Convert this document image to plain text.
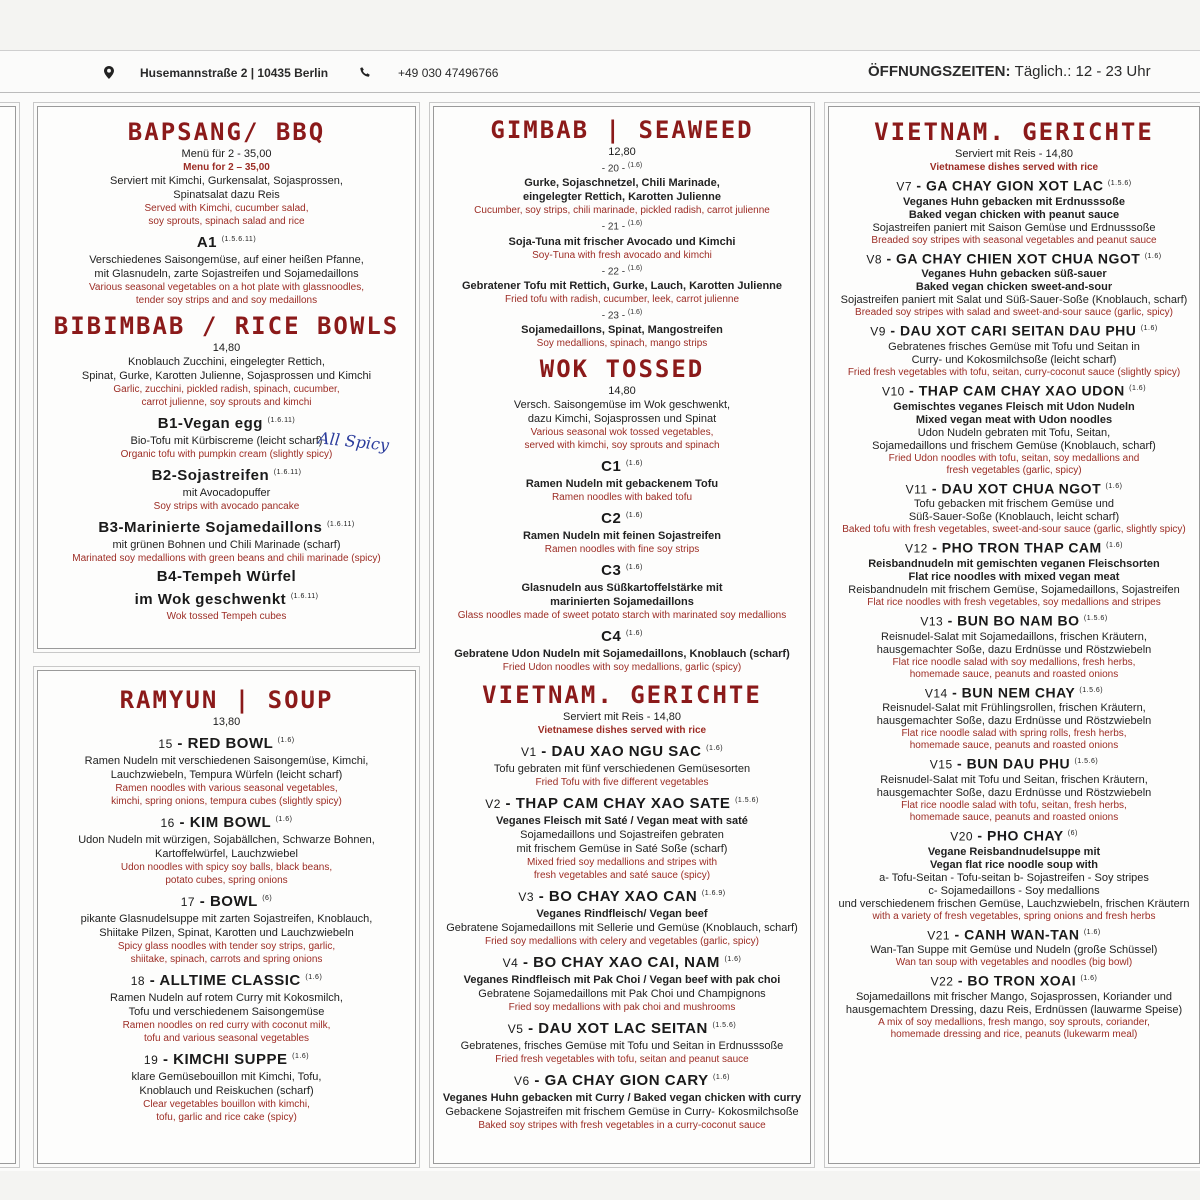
Husemannstraße 2 | 10435 Berlin	+49 030 47496766	ÖFFNUNGSZEITEN: Täglich.: 12 - 23 Uhr
BAPSANG/ BBQ
Menü für 2 - 35,00
Menu for 2 – 35,00
Serviert mit Kimchi, Gurkensalat, Sojasprossen,
Spinatsalat dazu Reis
Served with Kimchi, cucumber salad,
soy sprouts, spinach salad and rice
A1 $^{(1.5.6.11)}$
Verschiedenes Saisongemüse, auf einer heißen Pfanne,
mit Glasnudeln, zarte Sojastreifen und Sojamedaillons
Various seasonal vegetables on a hot plate with glassnoodles,
tender soy strips and and soy medaillons
BIBIMBAB / RICE BOWLS
14,80
Knoblauch Zucchini, eingelegter Rettich,
Spinat, Gurke, Karotten Julienne, Sojasprossen und Kimchi
Garlic, zucchini, pickled radish, spinach, cucumber,
carrot julienne, soy sprouts and kimchi
B1-Vegan egg $^{(1.6.11)}$
Bio-Tofu mit Kürbiscreme (leicht scharf)
Organic tofu with pumpkin cream (slightly spicy)
B2-Sojastreifen $^{(1.6.11)}$
mit Avocadopuffer
Soy strips with avocado pancake
B3-Marinierte Sojamedaillons $^{(1.6.11)}$
mit grünen Bohnen und Chili Marinade (scharf)
Marinated soy medallions with green beans and chili marinade (spicy)
B4-Tempeh Würfel
im Wok geschwenkt $^{(1.6.11)}$
Wok tossed Tempeh cubes
All Spicy
RAMYUN | SOUP
13,80
15 - RED BOWL $^{(1.6)}$
Ramen Nudeln mit verschiedenen Saisongemüse, Kimchi,
Lauchzwiebeln, Tempura Würfeln (leicht scharf)
Ramen noodles with various seasonal vegetables,
kimchi, spring onions, tempura cubes (slightly spicy)
16 - KIM BOWL $^{(1.6)}$
Udon Nudeln mit würzigen, Sojabällchen, Schwarze Bohnen,
Kartoffelwürfel, Lauchzwiebel
Udon noodles with spicy soy balls, black beans,
potato cubes, spring onions
17 - BOWL $^{(6)}$
pikante Glasnudelsuppe mit zarten Sojastreifen, Knoblauch,
Shiitake Pilzen, Spinat, Karotten und Lauchzwiebeln
Spicy glass noodles with tender soy strips, garlic,
shiitake, spinach, carrots and spring onions
18 - ALLTIME CLASSIC $^{(1.6)}$
Ramen Nudeln auf rotem Curry mit Kokosmilch,
Tofu und verschiedenem Saisongemüse
Ramen noodles on red curry with coconut milk,
tofu and various seasonal vegetables
19 - KIMCHI SUPPE $^{(1.6)}$
klare Gemüsebouillon mit Kimchi, Tofu,
Knoblauch und Reiskuchen (scharf)
Clear vegetables bouillon with kimchi,
tofu, garlic and rice cake (spicy)
GIMBAB | SEAWEED
12,80
- 20 - $^{(1.6)}$
Gurke, Sojaschnetzel, Chili Marinade,
eingelegter Rettich, Karotten Julienne
Cucumber, soy strips, chili marinade, pickled radish, carrot julienne
- 21 - $^{(1.6)}$
Soja-Tuna mit frischer Avocado und Kimchi
Soy-Tuna with fresh avocado and kimchi
- 22 - $^{(1.6)}$
Gebratener Tofu mit Rettich, Gurke, Lauch, Karotten Julienne
Fried tofu with radish, cucumber, leek, carrot julienne
- 23 - $^{(1.6)}$
Sojamedaillons, Spinat, Mangostreifen
Soy medallions, spinach, mango strips
WOK TOSSED
14,80
Versch. Saisongemüse im Wok geschwenkt,
dazu Kimchi, Sojasprossen und Spinat
Various seasonal wok tossed vegetables,
served with kimchi, soy sprouts and spinach
C1 $^{(1.6)}$
Ramen Nudeln mit gebackenem Tofu
Ramen noodles with baked tofu
C2 $^{(1.6)}$
Ramen Nudeln mit feinen Sojastreifen
Ramen noodles with fine soy strips
C3 $^{(1.6)}$
Glasnudeln aus Süßkartoffelstärke mit
marinierten Sojamedaillons
Glass noodles made of sweet potato starch with marinated soy medallions
C4 $^{(1.6)}$
Gebratene Udon Nudeln mit Sojamedaillons, Knoblauch (scharf)
Fried Udon noodles with soy medallions, garlic (spicy)
VIETNAM. GERICHTE
Serviert mit Reis - 14,80
Vietnamese dishes served with rice
V1 - DAU XAO NGU SAC $^{(1.6)}$
Tofu gebraten mit fünf verschiedenen Gemüsesorten
Fried Tofu with five different vegetables
V2 - THAP CAM CHAY XAO SATE $^{(1.5.6)}$
Veganes Fleisch mit Saté / Vegan meat with saté
Sojamedaillons und Sojastreifen gebraten
mit frischem Gemüse in Saté Soße (scharf)
Mixed fried soy medallions and stripes with
fresh vegetables and saté sauce (spicy)
V3 - BO CHAY XAO CAN $^{(1.6.9)}$
Veganes Rindfleisch/ Vegan beef
Gebratene Sojamedaillons mit Sellerie und Gemüse (Knoblauch, scharf)
Fried soy medallions with celery and vegetables (garlic, spicy)
V4 - BO CHAY XAO CAI, NAM $^{(1.6)}$
Veganes Rindfleisch mit Pak Choi / Vegan beef with pak choi
Gebratene Sojamedaillons mit Pak Choi und Champignons
Fried soy medallions with pak choi and mushrooms
V5 - DAU XOT LAC SEITAN $^{(1.5.6)}$
Gebratenes, frisches Gemüse mit Tofu und Seitan in Erdnusssoße
Fried fresh vegetables with tofu, seitan and peanut sauce
V6 - GA CHAY GION CARY $^{(1.6)}$
Veganes Huhn gebacken mit Curry / Baked vegan chicken with curry
Gebackene Sojastreifen mit frischem Gemüse in Curry- Kokosmilchsoße
Baked soy stripes with fresh vegetables in a curry-coconut sauce
VIETNAM. GERICHTE
Serviert mit Reis - 14,80
Vietnamese dishes served with rice
V7 - GA CHAY GION XOT LAC $^{(1.5.6)}$
Veganes Huhn gebacken mit Erdnusssoße
Baked vegan chicken with peanut sauce
Sojastreifen paniert mit Saison Gemüse und Erdnusssoße
Breaded soy stripes with seasonal vegetables and peanut sauce
V8 - GA CHAY CHIEN XOT CHUA NGOT $^{(1.6)}$
Veganes Huhn gebacken süß-sauer
Baked vegan chicken sweet-and-sour
Sojastreifen paniert mit Salat und Süß-Sauer-Soße (Knoblauch, scharf)
Breaded soy stripes with salad and sweet-and-sour sauce (garlic, spicy)
V9 - DAU XOT CARI SEITAN DAU PHU $^{(1.6)}$
Gebratenes frisches Gemüse mit Tofu und Seitan in
Curry- und Kokosmilchsoße (leicht scharf)
Fried fresh vegetables with tofu, seitan, curry-coconut sauce (slightly spicy)
V10 - THAP CAM CHAY XAO UDON $^{(1.6)}$
Gemischtes veganes Fleisch mit Udon Nudeln
Mixed vegan meat with Udon noodles
Udon Nudeln gebraten mit Tofu, Seitan,
Sojamedaillons und frischem Gemüse (Knoblauch, scharf)
Fried Udon noodles with tofu, seitan, soy medallions and
fresh vegetables (garlic, spicy)
V11 - DAU XOT CHUA NGOT $^{(1.6)}$
Tofu gebacken mit frischem Gemüse und
Süß-Sauer-Soße (Knoblauch, leicht scharf)
Baked tofu with fresh vegetables, sweet-and-sour sauce (garlic, slightly spicy)
V12 - PHO TRON THAP CAM $^{(1.6)}$
Reisbandnudeln mit gemischten veganen Fleischsorten
Flat rice noodles with mixed vegan meat
Reisbandnudeln mit frischem Gemüse, Sojamedaillons, Sojastreifen
Flat rice noodles with fresh vegetables, soy medallions and stripes
V13 - BUN BO NAM BO $^{(1.5.6)}$
Reisnudel-Salat mit Sojamedaillons, frischen Kräutern,
hausgemachter Soße, dazu Erdnüsse und Röstzwiebeln
Flat rice noodle salad with soy medallions, fresh herbs,
homemade sauce, peanuts and roasted onions
V14 - BUN NEM CHAY $^{(1.5.6)}$
Reisnudel-Salat mit Frühlingsrollen, frischen Kräutern,
hausgemachter Soße, dazu Erdnüsse und Röstzwiebeln
Flat rice noodle salad with spring rolls, fresh herbs,
homemade sauce, peanuts and roasted onions
V15 - BUN DAU PHU $^{(1.5.6)}$
Reisnudel-Salat mit Tofu und Seitan, frischen Kräutern,
hausgemachter Soße, dazu Erdnüsse und Röstzwiebeln
Flat rice noodle salad with tofu, seitan, fresh herbs,
homemade sauce, peanuts and roasted onions
V20 - PHO CHAY $^{(6)}$
Vegane Reisbandnudelsuppe mit
Vegan flat rice noodle soup with
a- Tofu-Seitan - Tofu-seitan b- Sojastreifen - Soy stripes
c- Sojamedaillons - Soy medallions
und verschiedenem frischen Gemüse, Lauchzwiebeln, frischen Kräutern
with a variety of fresh vegetables, spring onions and fresh herbs
V21 - CANH WAN-TAN $^{(1.6)}$
Wan-Tan Suppe mit Gemüse und Nudeln (große Schüssel)
Wan tan soup with vegetables and noodles (big bowl)
V22 - BO TRON XOAI $^{(1.6)}$
Sojamedaillons mit frischer Mango, Sojasprossen, Koriander und
hausgemachtem Dressing, dazu Reis, Erdnüssen (lauwarme Speise)
A mix of soy medallions, fresh mango, soy sprouts, coriander,
homemade dressing and rice, peanuts (lukewarm meal)
